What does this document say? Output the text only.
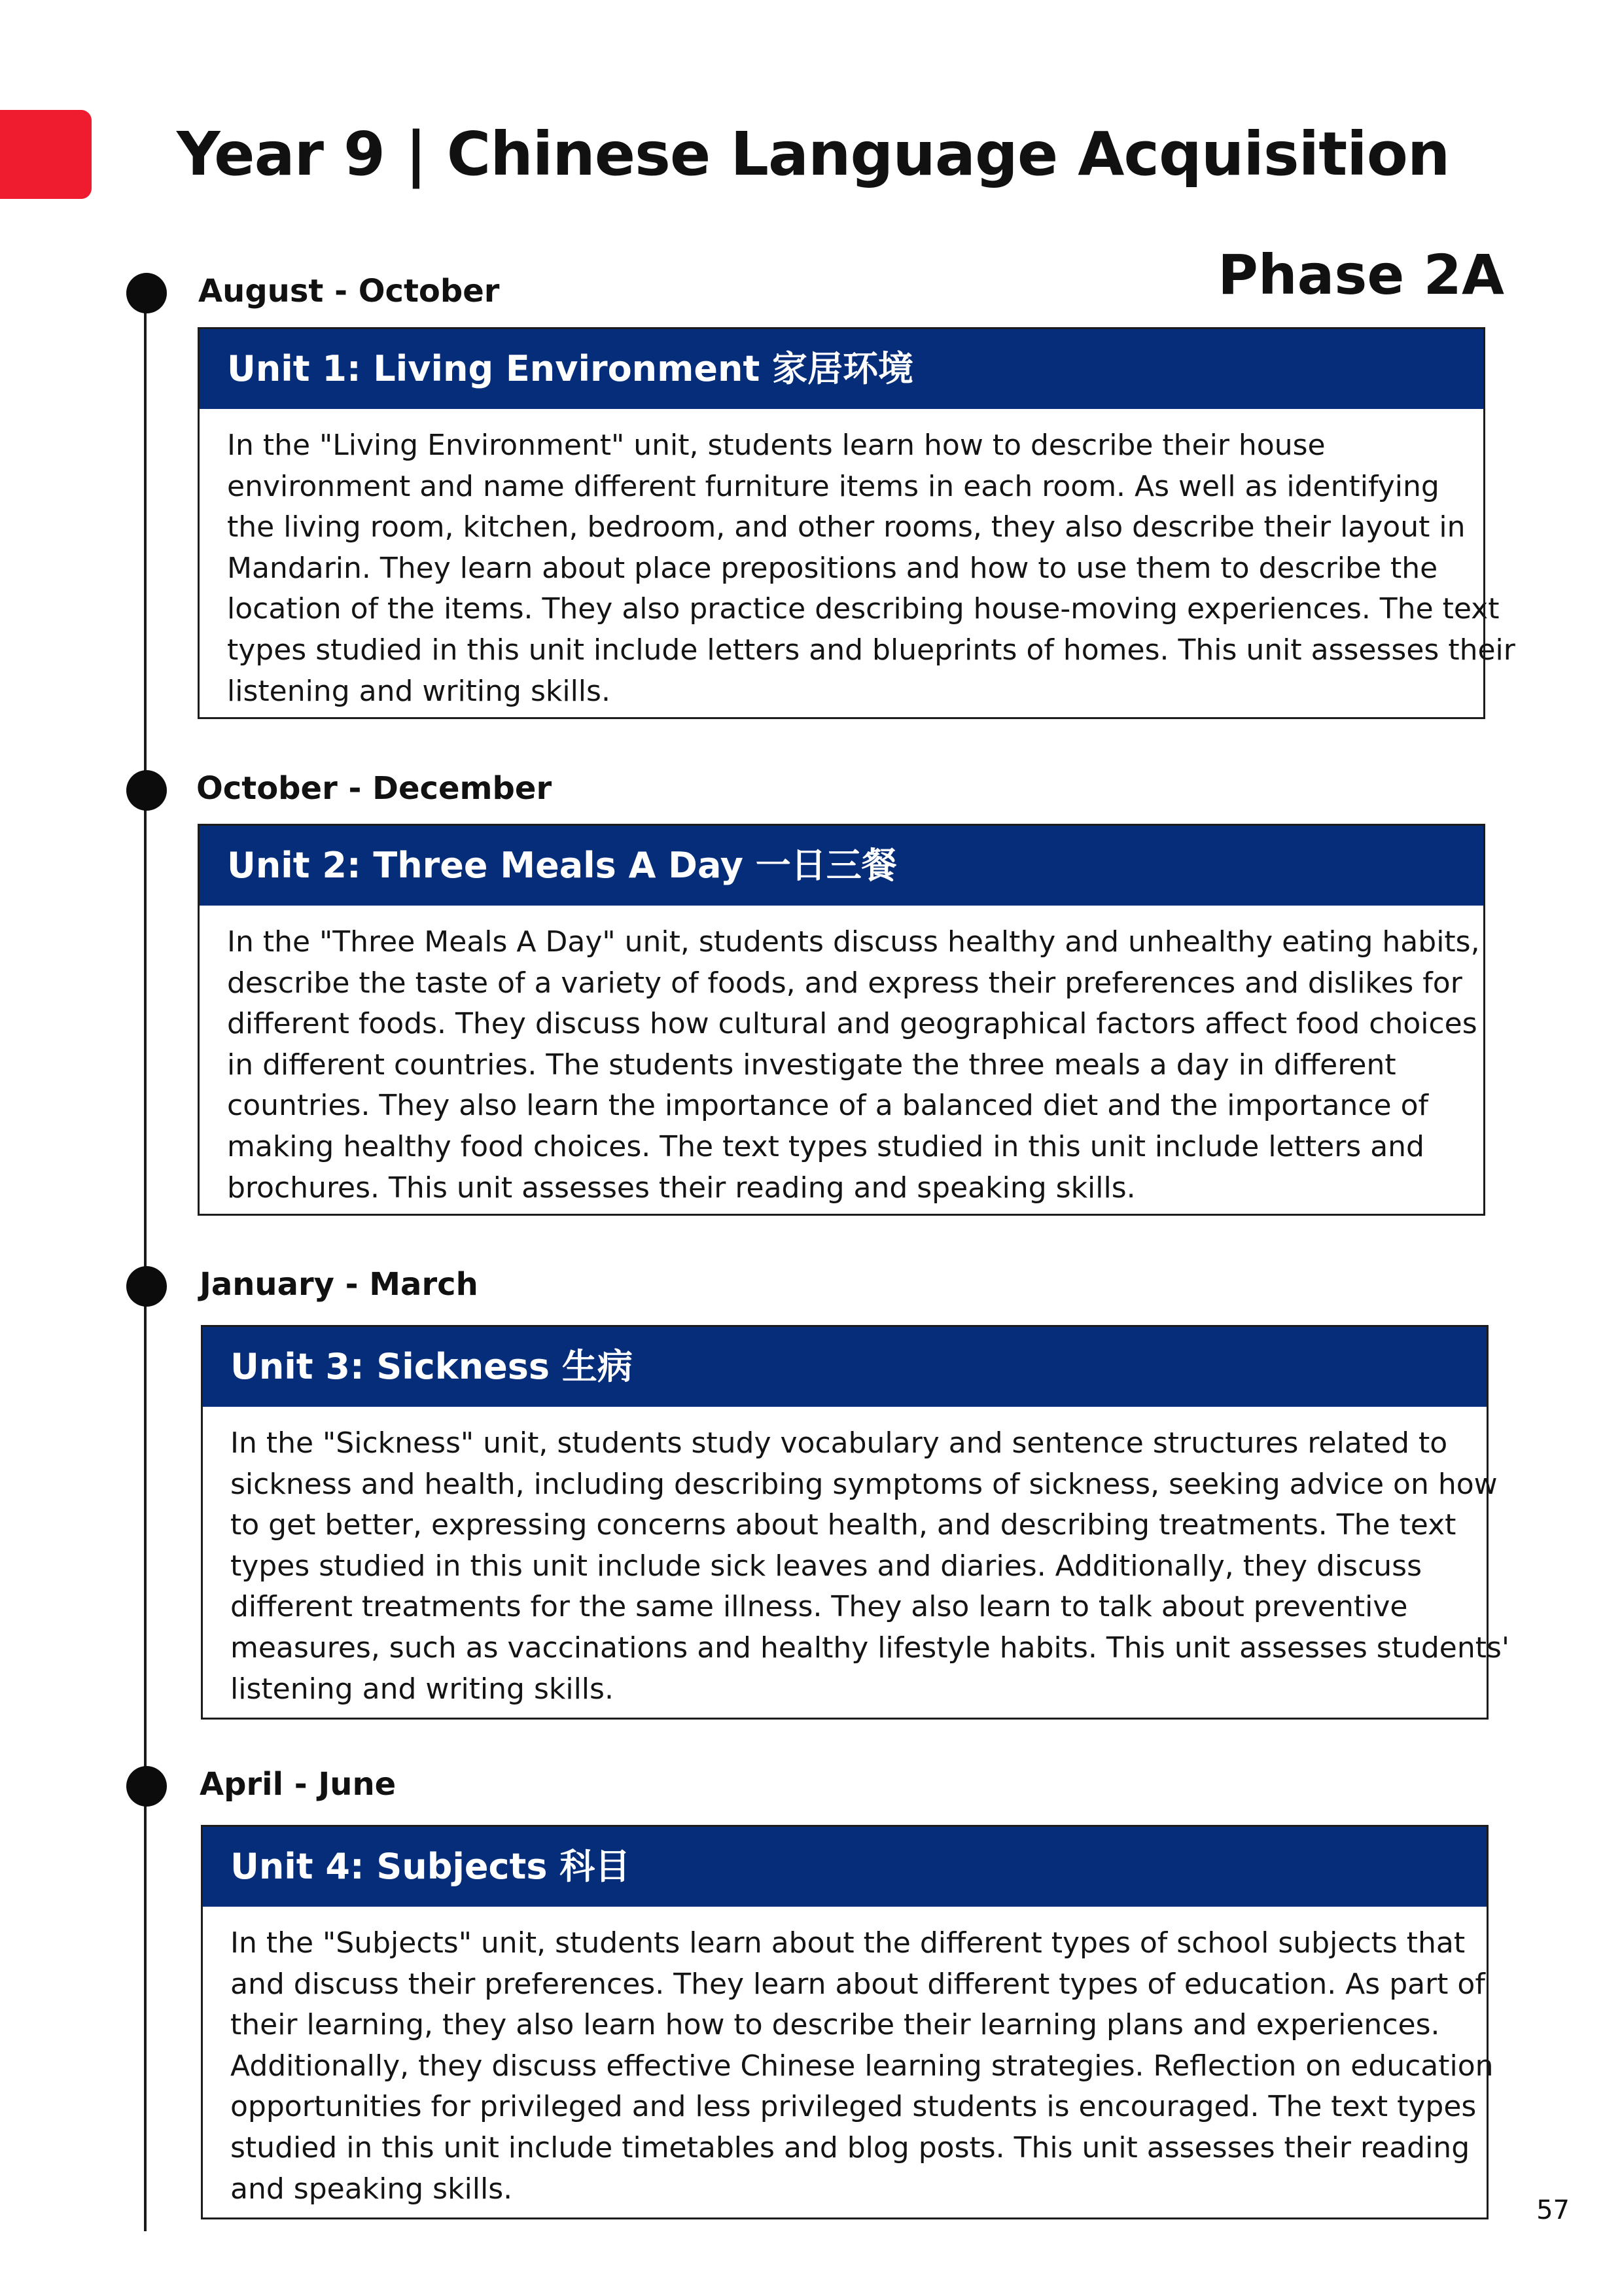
Year 9 | Chinese Language Acquisition
Phase 2A
August - October
Unit 1: Living Environment 家居环境
In the "Living Environment" unit, students learn how to describe their house
environment and name different furniture items in each room. As well as identifying
the living room, kitchen, bedroom, and other rooms, they also describe their layout in
Mandarin. They learn about place prepositions and how to use them to describe the
location of the items. They also practice describing house-moving experiences. The text
types studied in this unit include letters and blueprints of homes. This unit assesses their
listening and writing skills.
October - December
Unit 2: Three Meals A Day 一日三餐
In the "Three Meals A Day" unit, students discuss healthy and unhealthy eating habits,
describe the taste of a variety of foods, and express their preferences and dislikes for
different foods. They discuss how cultural and geographical factors affect food choices
in different countries. The students investigate the three meals a day in different
countries. They also learn the importance of a balanced diet and the importance of
making healthy food choices. The text types studied in this unit include letters and
brochures. This unit assesses their reading and speaking skills.
January - March
Unit 3: Sickness 生病
In the "Sickness" unit, students study vocabulary and sentence structures related to
sickness and health, including describing symptoms of sickness, seeking advice on how
to get better, expressing concerns about health, and describing treatments. The text
types studied in this unit include sick leaves and diaries. Additionally, they discuss
different treatments for the same illness. They also learn to talk about preventive
measures, such as vaccinations and healthy lifestyle habits. This unit assesses students'
listening and writing skills.
April - June
Unit 4: Subjects 科目
In the "Subjects" unit, students learn about the different types of school subjects that
and discuss their preferences. They learn about different types of education. As part of
their learning, they also learn how to describe their learning plans and experiences.
Additionally, they discuss effective Chinese learning strategies. Reflection on education
opportunities for privileged and less privileged students is encouraged. The text types
studied in this unit include timetables and blog posts. This unit assesses their reading
and speaking skills.
57
